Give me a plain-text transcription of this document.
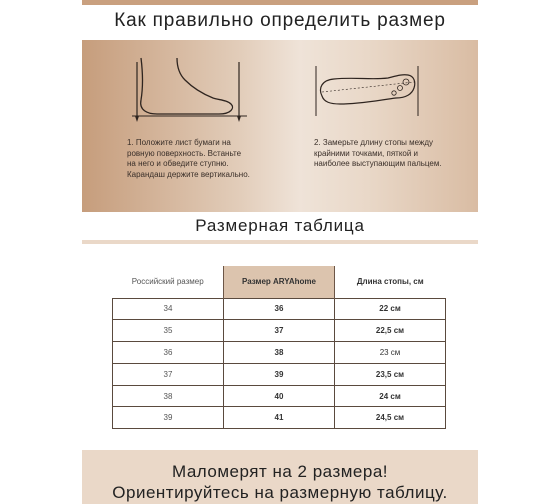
Как правильно определить размер
1. Положите лист бумаги на ровную поверхность. Встаньте на него и обведите ступню. Карандаш держите вертикально.
2. Замерьте длину стопы между крайними точками, пяткой и наиболее выступающим пальцем.
Размерная таблица
Российский размер	Размер ARYAhome	Длина стопы, см
34	36	22 см
35	37	22,5 см
36	38	23 см
37	39	23,5 см
38	40	24 см
39	41	24,5 см
Маломерят на 2 размера!
Ориентируйтесь на размерную таблицу.
